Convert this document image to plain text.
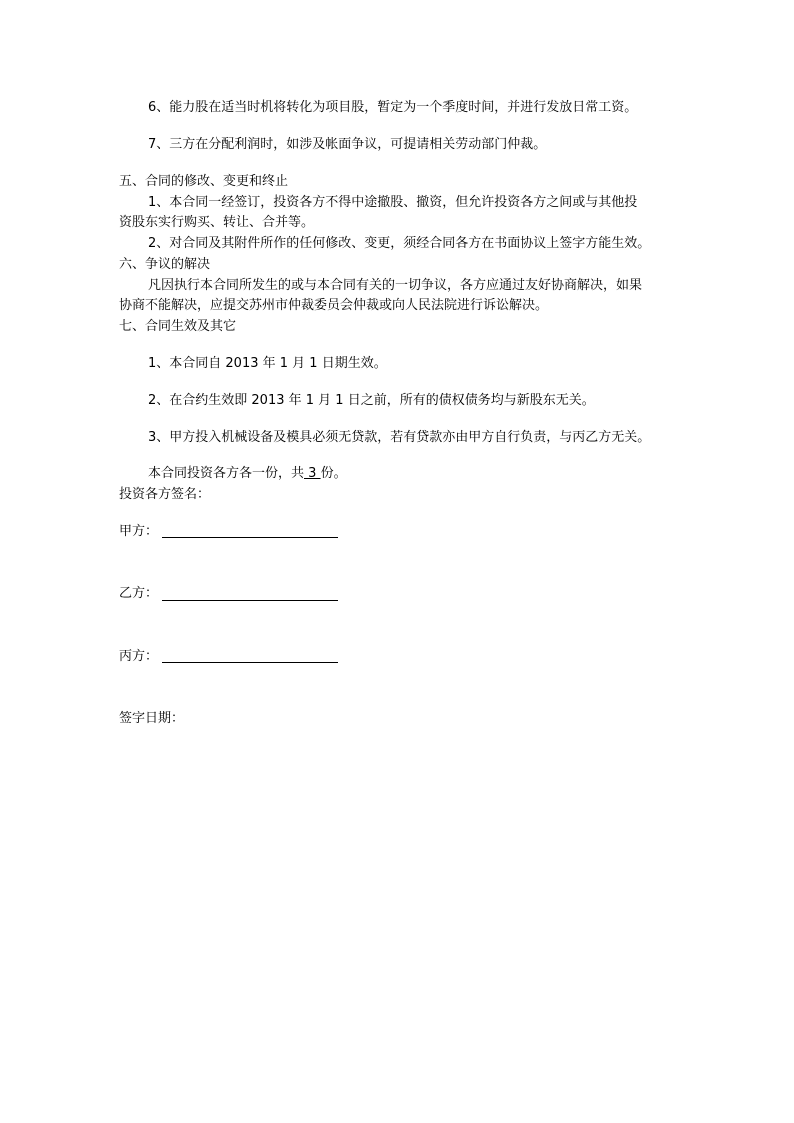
6、能力股在适当时机将转化为项目股，暂定为一个季度时间，并进行发放日常工资。
7、三方在分配利润时，如涉及帐面争议，可提请相关劳动部门仲裁。
五、合同的修改、变更和终止
1、本合同一经签订，投资各方不得中途撤股、撤资，但允许投资各方之间或与其他投
资股东实行购买、转让、合并等。
2、对合同及其附件所作的任何修改、变更，须经合同各方在书面协议上签字方能生效。
六、争议的解决
凡因执行本合同所发生的或与本合同有关的一切争议，各方应通过友好协商解决，如果
协商不能解决，应提交苏州市仲裁委员会仲裁或向人民法院进行诉讼解决。
七、合同生效及其它
1、本合同自 2013 年 1 月 1 日期生效。
2、在合约生效即 2013 年 1 月 1 日之前，所有的债权债务均与新股东无关。
3、甲方投入机械设备及模具必须无贷款，若有贷款亦由甲方自行负责，与丙乙方无关。
本合同投资各方各一份，共 3 份。
投资各方签名：
甲方：
乙方：
丙方：
签字日期：
